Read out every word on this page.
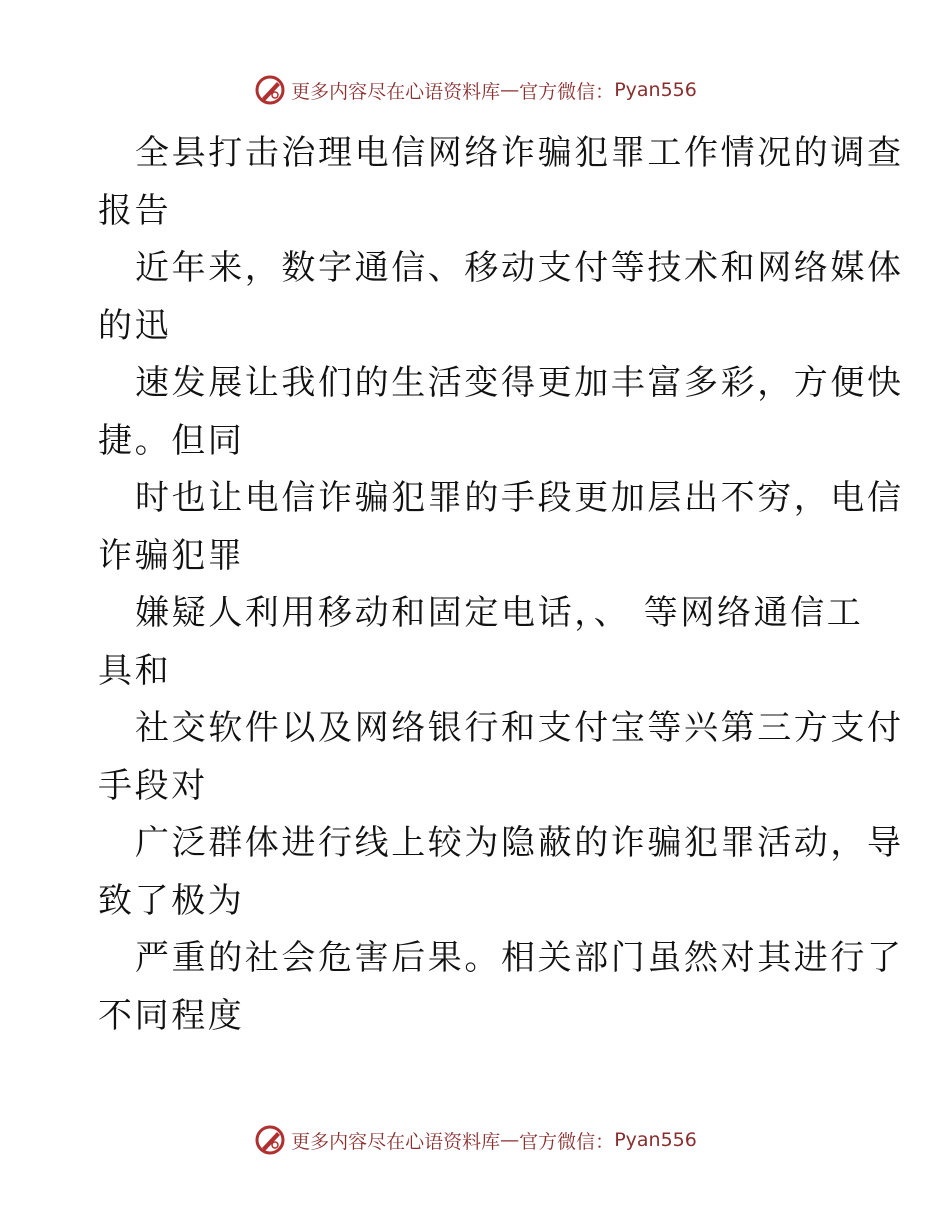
更多内容尽在心语资料库 — 官方微信： Pyan556
全县打击治理电信网络诈骗犯罪工作情况的调查
报告
近年来，数字通信、移动支付等技术和网络媒体
的迅
速发展让我们的生活变得更加丰富多彩，方便快
捷。但同
时也让电信诈骗犯罪的手段更加层出不穷，电信
诈骗犯罪
嫌疑人利用移动和固定电话，、 等网络通信工
具和
社交软件以及网络银行和支付宝等兴第三方支付
手段对
广泛群体进行线上较为隐蔽的诈骗犯罪活动，导
致了极为
严重的社会危害后果。相关部门虽然对其进行了
不同程度
更多内容尽在心语资料库 — 官方微信： Pyan556
